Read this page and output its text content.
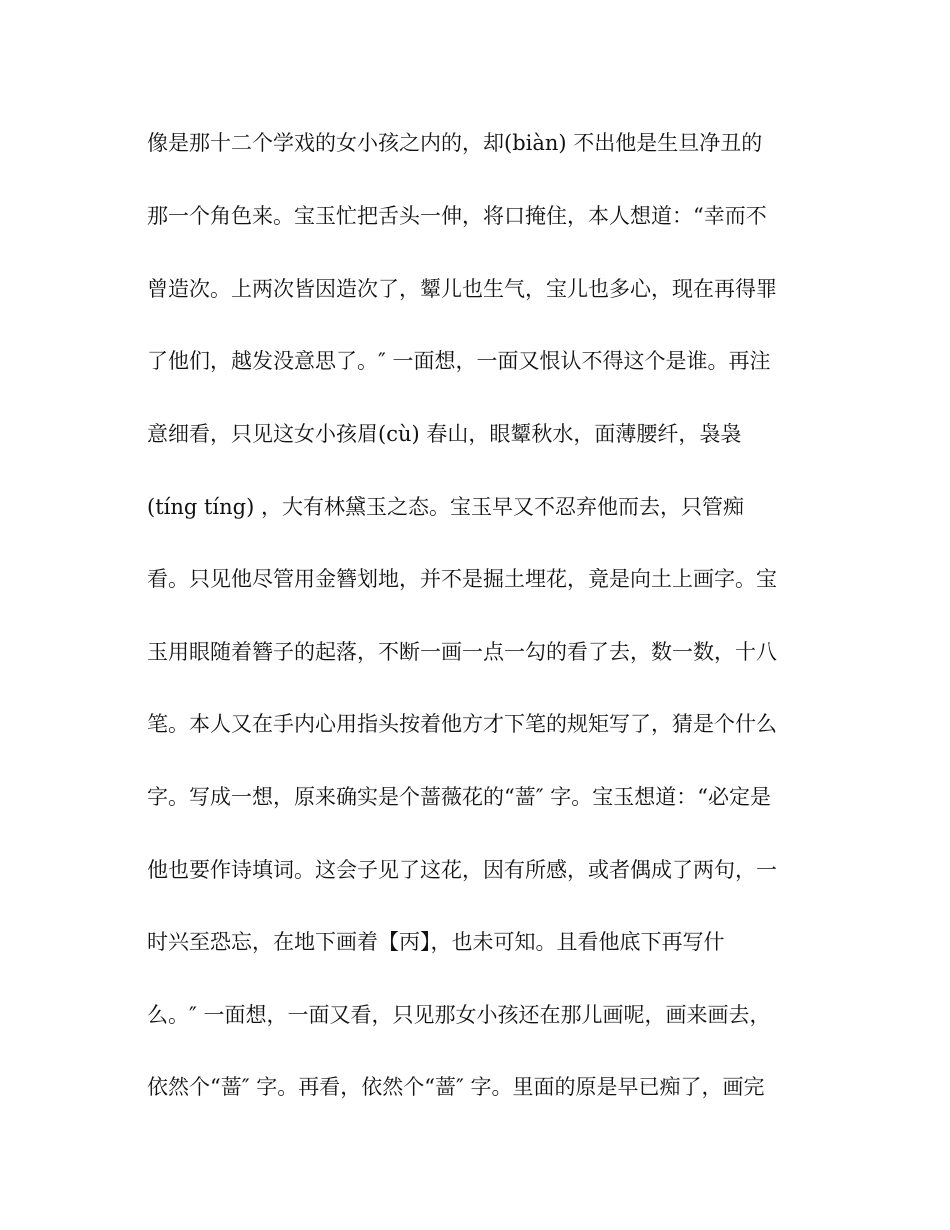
像是那十二个学戏的女小孩之内的，却(biàn) 不出他是生旦净丑的
那一个角色来。宝玉忙把舌头一伸，将口掩住，本人想道：“幸而不
曾造次。上两次皆因造次了，颦儿也生气，宝儿也多心，现在再得罪
了他们，越发没意思了。″ 一面想，一面又恨认不得这个是谁。再注
意细看，只见这女小孩眉(cù) 春山，眼颦秋水，面薄腰纤，袅袅
(tíng tíng) ，大有林黛玉之态。宝玉早又不忍弃他而去，只管痴
看。只见他尽管用金簪划地，并不是掘土埋花，竟是向土上画字。宝
玉用眼随着簪子的起落，不断一画一点一勾的看了去，数一数，十八
笔。本人又在手内心用指头按着他方才下笔的规矩写了，猜是个什么
字。写成一想，原来确实是个蔷薇花的“蔷″ 字。宝玉想道：“必定是
他也要作诗填词。这会子见了这花，因有所感，或者偶成了两句，一
时兴至恐忘，在地下画着【丙】，也未可知。且看他底下再写什
么。″ 一面想，一面又看，只见那女小孩还在那儿画呢，画来画去，
依然个“蔷″ 字。再看，依然个“蔷″ 字。里面的原是早已痴了，画完
